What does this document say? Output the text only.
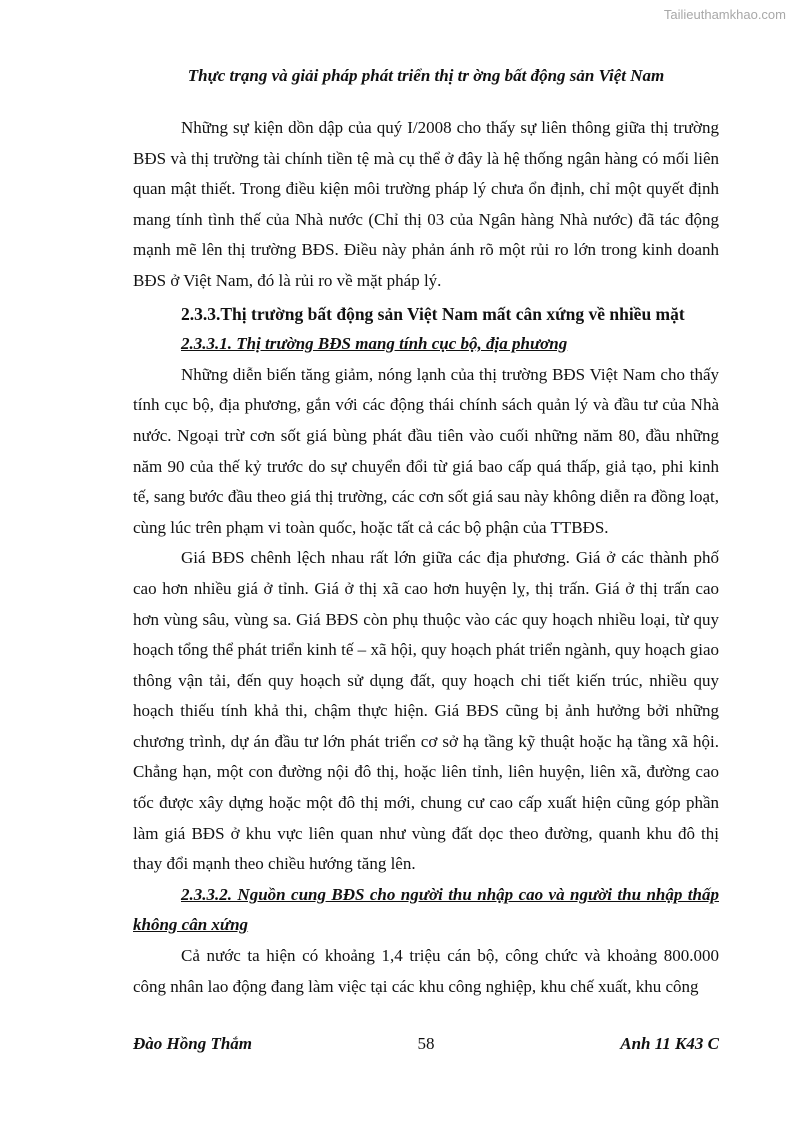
Tailieuthamkhao.com
Thực trạng và giải pháp phát triển thị tr ờng bất động sản Việt Nam

Những sự kiện dồn dập của quý I/2008 cho thấy sự liên thông giữa thị trường BĐS và thị trường tài chính tiền tệ mà cụ thể ở đây là hệ thống ngân hàng có mối liên quan mật thiết. Trong điều kiện môi trường pháp lý chưa ổn định, chỉ một quyết định mang tính tình thế của Nhà nước (Chỉ thị 03 của Ngân hàng Nhà nước) đã tác động mạnh mẽ lên thị trường BĐS. Điều này phản ánh rõ một rủi ro lớn trong kinh doanh BĐS ở Việt Nam, đó là rủi ro về mặt pháp lý.

2.3.3.Thị trường bất động sản Việt Nam mất cân xứng về nhiều mặt
2.3.3.1. Thị trường BĐS mang tính cục bộ, địa phương

Những diễn biến tăng giảm, nóng lạnh của thị trường BĐS Việt Nam cho thấy tính cục bộ, địa phương, gắn với các động thái chính sách quản lý và đầu tư của Nhà nước. Ngoại trừ cơn sốt giá bùng phát đầu tiên vào cuối những năm 80, đầu những năm 90 của thế kỷ trước do sự chuyển đổi từ giá bao cấp quá thấp, giả tạo, phi kinh tế, sang bước đầu theo giá thị trường, các cơn sốt giá sau này không diễn ra đồng loạt, cùng lúc trên phạm vi toàn quốc, hoặc tất cả các bộ phận của TTBĐS.

Giá BĐS chênh lệch nhau rất lớn giữa các địa phương. Giá ở các thành phố cao hơn nhiều giá ở tỉnh. Giá ở thị xã cao hơn huyện lỵ, thị trấn. Giá ở thị trấn cao hơn vùng sâu, vùng sa. Giá BĐS còn phụ thuộc vào các quy hoạch nhiều loại, từ quy hoạch tổng thể phát triển kinh tế – xã hội, quy hoạch phát triển ngành, quy hoạch giao thông vận tải, đến quy hoạch sử dụng đất, quy hoạch chi tiết kiến trúc, nhiều quy hoạch thiếu tính khả thi, chậm thực hiện. Giá BĐS cũng bị ảnh hưởng bởi những chương trình, dự án đầu tư lớn phát triển cơ sở hạ tầng kỹ thuật hoặc hạ tầng xã hội. Chẳng hạn, một con đường nội đô thị, hoặc liên tỉnh, liên huyện, liên xã, đường cao tốc được xây dựng hoặc một đô thị mới, chung cư cao cấp xuất hiện cũng góp phần làm giá BĐS ở khu vực liên quan như vùng đất dọc theo đường, quanh khu đô thị thay đổi mạnh theo chiều hướng tăng lên.

2.3.3.2. Nguồn cung BĐS cho người thu nhập cao và người thu nhập thấp không cân xứng

Cả nước ta hiện có khoảng 1,4 triệu cán bộ, công chức và khoảng 800.000 công nhân lao động đang làm việc tại các khu công nghiệp, khu chế xuất, khu công

Đào Hồng Thắm	58	Anh 11 K43 C
